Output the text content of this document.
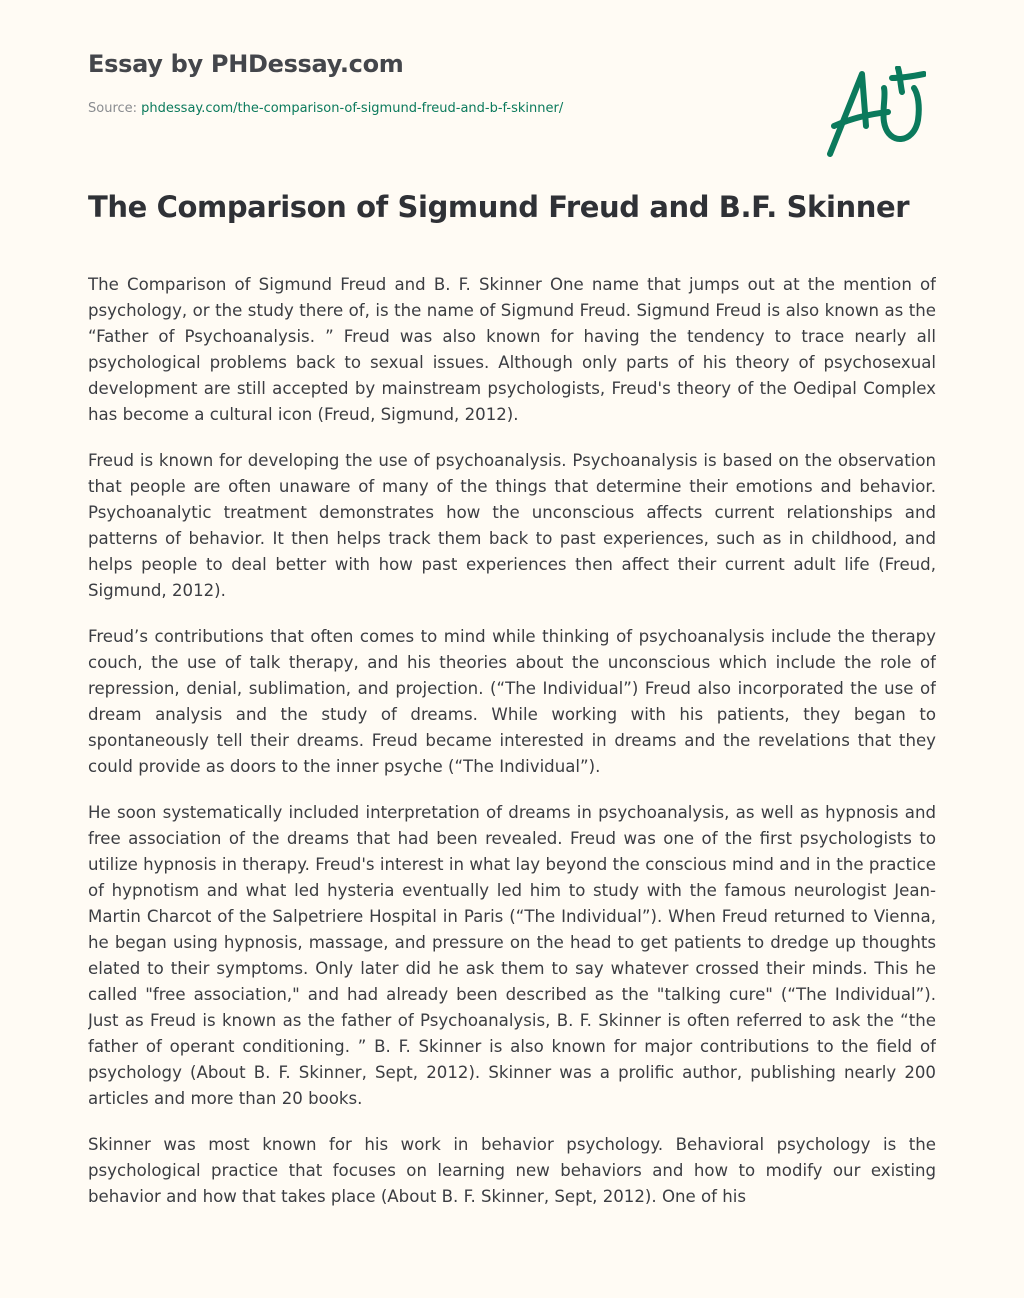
Essay by PHDessay.com
Source: phdessay.com/the-comparison-of-sigmund-freud-and-b-f-skinner/
The Comparison of Sigmund Freud and B.F. Skinner

The Comparison of Sigmund Freud and B. F. Skinner One name that jumps out at the mention of psychology, or the study there of, is the name of Sigmund Freud. Sigmund Freud is also known as the “Father of Psychoanalysis. ” Freud was also known for having the tendency to trace nearly all psychological problems back to sexual issues. Although only parts of his theory of psychosexual development are still accepted by mainstream psychologists, Freud's theory of the Oedipal Complex has become a cultural icon (Freud, Sigmund, 2012).

Freud is known for developing the use of psychoanalysis. Psychoanalysis is based on the observation that people are often unaware of many of the things that determine their emotions and behavior. Psychoanalytic treatment demonstrates how the unconscious affects current relationships and patterns of behavior. It then helps track them back to past experiences, such as in childhood, and helps people to deal better with how past experiences then affect their current adult life (Freud, Sigmund, 2012).

Freud’s contributions that often comes to mind while thinking of psychoanalysis include the therapy couch, the use of talk therapy, and his theories about the unconscious which include the role of repression, denial, sublimation, and projection. (“The Individual”) Freud also incorporated the use of dream analysis and the study of dreams. While working with his patients, they began to spontaneously tell their dreams. Freud became interested in dreams and the revelations that they could provide as doors to the inner psyche (“The Individual”).

He soon systematically included interpretation of dreams in psychoanalysis, as well as hypnosis and free association of the dreams that had been revealed. Freud was one of the first psychologists to utilize hypnosis in therapy. Freud's interest in what lay beyond the conscious mind and in the practice of hypnotism and what led hysteria eventually led him to study with the famous neurologist Jean-Martin Charcot of the Salpetriere Hospital in Paris (“The Individual”). When Freud returned to Vienna, he began using hypnosis, massage, and pressure on the head to get patients to dredge up thoughts elated to their symptoms. Only later did he ask them to say whatever crossed their minds. This he called "free association," and had already been described as the "talking cure" (“The Individual”). Just as Freud is known as the father of Psychoanalysis, B. F. Skinner is often referred to ask the “the father of operant conditioning. ” B. F. Skinner is also known for major contributions to the field of psychology (About B. F. Skinner, Sept, 2012). Skinner was a prolific author, publishing nearly 200 articles and more than 20 books.

Skinner was most known for his work in behavior psychology. Behavioral psychology is the psychological practice that focuses on learning new behaviors and how to modify our existing behavior and how that takes place (About B. F. Skinner, Sept, 2012). One of his
